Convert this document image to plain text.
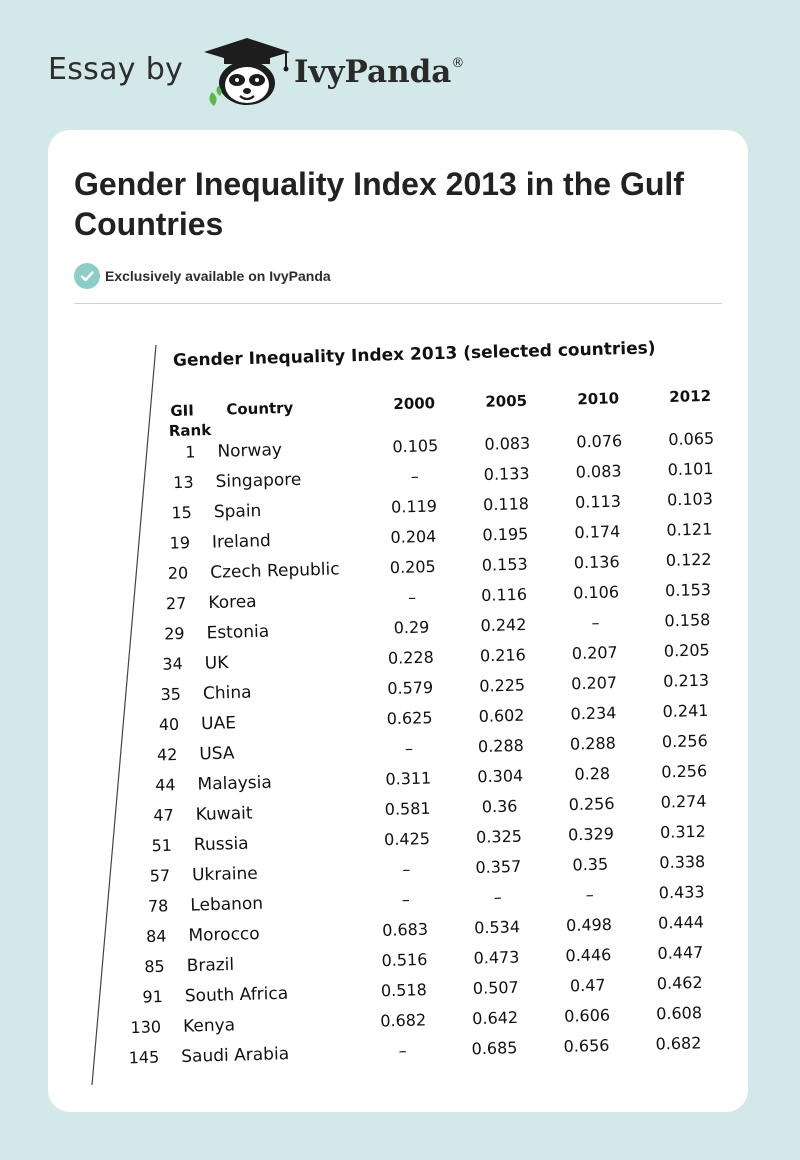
Essay by	IvyPanda®
Gender Inequality Index 2013 in the Gulf Countries
Exclusively available on IvyPanda
Gender Inequality Index 2013 (selected countries)
GII
Rank
Country	2000	2005	2010	2012
1 Norway	0.105	0.083	0.076	0.065
13 Singapore	–	0.133	0.083	0.101
15 Spain	0.119	0.118	0.113	0.103
19 Ireland	0.204	0.195	0.174	0.121
20 Czech Republic	0.205	0.153	0.136	0.122
27 Korea	–	0.116	0.106	0.153
29 Estonia	0.29	0.242	–	0.158
34 UK	0.228	0.216	0.207	0.205
35 China	0.579	0.225	0.207	0.213
40 UAE	0.625	0.602	0.234	0.241
42 USA	–	0.288	0.288	0.256
44 Malaysia	0.311	0.304	0.28	0.256
47 Kuwait	0.581	0.36	0.256	0.274
51 Russia	0.425	0.325	0.329	0.312
57 Ukraine	–	0.357	0.35	0.338
78 Lebanon	–	–	–	0.433
84 Morocco	0.683	0.534	0.498	0.444
85 Brazil	0.516	0.473	0.446	0.447
91 South Africa	0.518	0.507	0.47	0.462
130 Kenya	0.682	0.642	0.606	0.608
145 Saudi Arabia	–	0.685	0.656	0.682
